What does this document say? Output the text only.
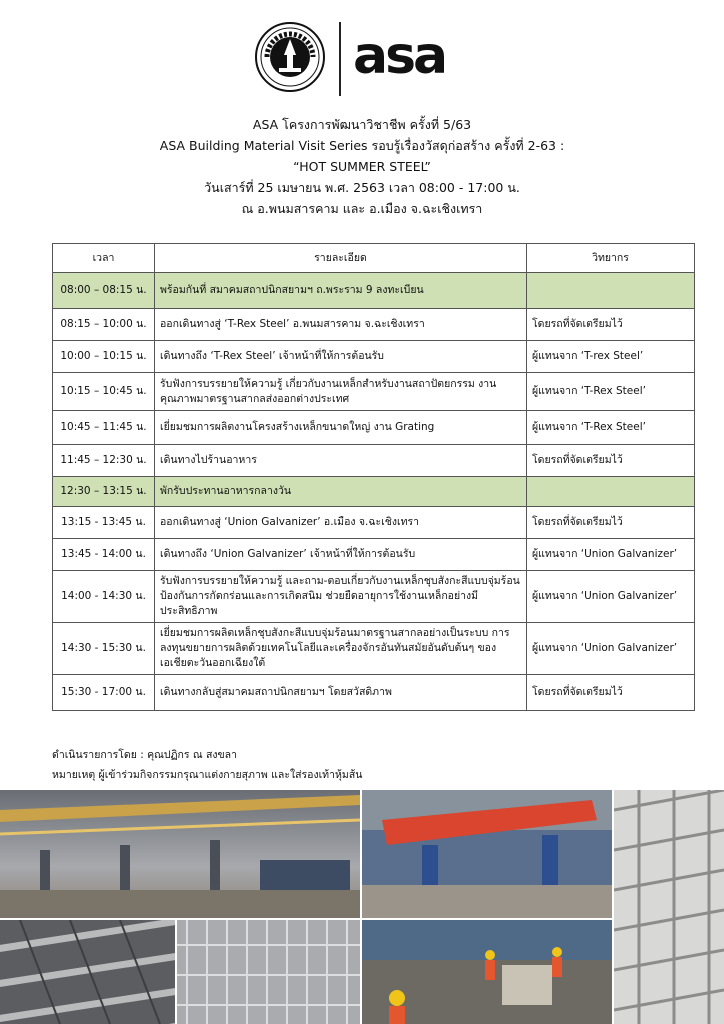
asa
ASA โครงการพัฒนาวิชาชีพ ครั้งที่ 5/63
ASA Building Material Visit Series รอบรู้เรื่องวัสดุก่อสร้าง ครั้งที่ 2-63 :
“HOT SUMMER STEEL”
วันเสาร์ที่ 25 เมษายน พ.ศ. 2563 เวลา 08:00 - 17:00 น.
ณ อ.พนมสารคาม และ อ.เมือง จ.ฉะเชิงเทรา
เวลา	รายละเอียด	วิทยากร
08:00 – 08:15 น.	พร้อมกันที่ สมาคมสถาปนิกสยามฯ ถ.พระราม 9 ลงทะเบียน	
08:15 – 10:00 น.	ออกเดินทางสู่ ‘T-Rex Steel’ อ.พนมสารคาม จ.ฉะเชิงเทรา	โดยรถที่จัดเตรียมไว้
10:00 – 10:15 น.	เดินทางถึง ‘T-Rex Steel’ เจ้าหน้าที่ให้การต้อนรับ	ผู้แทนจาก ‘T-rex Steel’
10:15 – 10:45 น.	รับฟังการบรรยายให้ความรู้ เกี่ยวกับงานเหล็กสำหรับงานสถาปัตยกรรม งานคุณภาพมาตรฐานสากลส่งออกต่างประเทศ	ผู้แทนจาก ‘T-Rex Steel’
10:45 – 11:45 น.	เยี่ยมชมการผลิตงานโครงสร้างเหล็กขนาดใหญ่ งาน Grating	ผู้แทนจาก ‘T-Rex Steel’
11:45 – 12:30 น.	เดินทางไปร้านอาหาร	โดยรถที่จัดเตรียมไว้
12:30 – 13:15 น.	พักรับประทานอาหารกลางวัน	
13:15 - 13:45 น.	ออกเดินทางสู่ ‘Union Galvanizer’ อ.เมือง จ.ฉะเชิงเทรา	โดยรถที่จัดเตรียมไว้
13:45 - 14:00 น.	เดินทางถึง ‘Union Galvanizer’ เจ้าหน้าที่ให้การต้อนรับ	ผู้แทนจาก ‘Union Galvanizer’
14:00 - 14:30 น.	รับฟังการบรรยายให้ความรู้ และถาม-ตอบเกี่ยวกับงานเหล็กชุบสังกะสีแบบจุ่มร้อน ป้องกันการกัดกร่อนและการเกิดสนิม ช่วยยืดอายุการใช้งานเหล็กอย่างมีประสิทธิภาพ	ผู้แทนจาก ‘Union Galvanizer’
14:30 - 15:30 น.	เยี่ยมชมการผลิตเหล็กชุบสังกะสีแบบจุ่มร้อนมาตรฐานสากลอย่างเป็นระบบ การลงทุนขยายการผลิตด้วยเทคโนโลยีและเครื่องจักรอันทันสมัยอันดับต้นๆ ของเอเชียตะวันออกเฉียงใต้	ผู้แทนจาก ‘Union Galvanizer’
15:30 - 17:00 น.	เดินทางกลับสู่สมาคมสถาปนิกสยามฯ โดยสวัสดิภาพ	โดยรถที่จัดเตรียมไว้
ดำเนินรายการโดย : คุณปฏิกร ณ สงขลา
หมายเหตุ ผู้เข้าร่วมกิจกรรมกรุณาแต่งกายสุภาพ และใส่รองเท้าหุ้มส้น
